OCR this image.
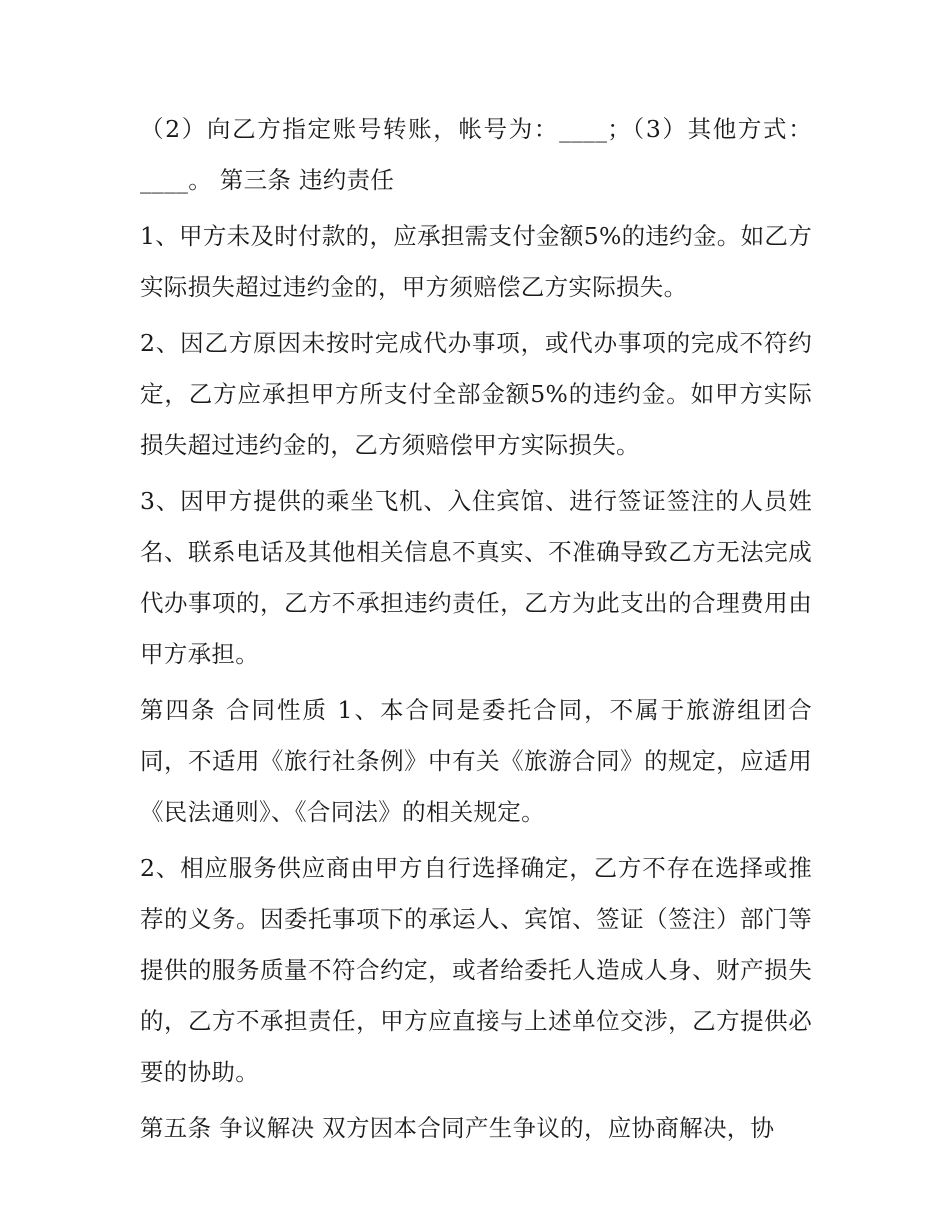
（2）向乙方指定账号转账，帐号为：____；（3）其他方式：____。 第三条 违约责任

1、甲方未及时付款的，应承担需支付金额5%的违约金。如乙方实际损失超过违约金的，甲方须赔偿乙方实际损失。

2、因乙方原因未按时完成代办事项，或代办事项的完成不符约定，乙方应承担甲方所支付全部金额5%的违约金。如甲方实际损失超过违约金的，乙方须赔偿甲方实际损失。

3、因甲方提供的乘坐飞机、入住宾馆、进行签证签注的人员姓名、联系电话及其他相关信息不真实、不准确导致乙方无法完成代办事项的，乙方不承担违约责任，乙方为此支出的合理费用由甲方承担。

第四条 合同性质 1、本合同是委托合同，不属于旅游组团合同，不适用《旅行社条例》中有关《旅游合同》的规定，应适用《民法通则》、《合同法》的相关规定。

2、相应服务供应商由甲方自行选择确定，乙方不存在选择或推荐的义务。因委托事项下的承运人、宾馆、签证（签注）部门等提供的服务质量不符合约定，或者给委托人造成人身、财产损失的，乙方不承担责任，甲方应直接与上述单位交涉，乙方提供必要的协助。

第五条 争议解决 双方因本合同产生争议的，应协商解决，协
